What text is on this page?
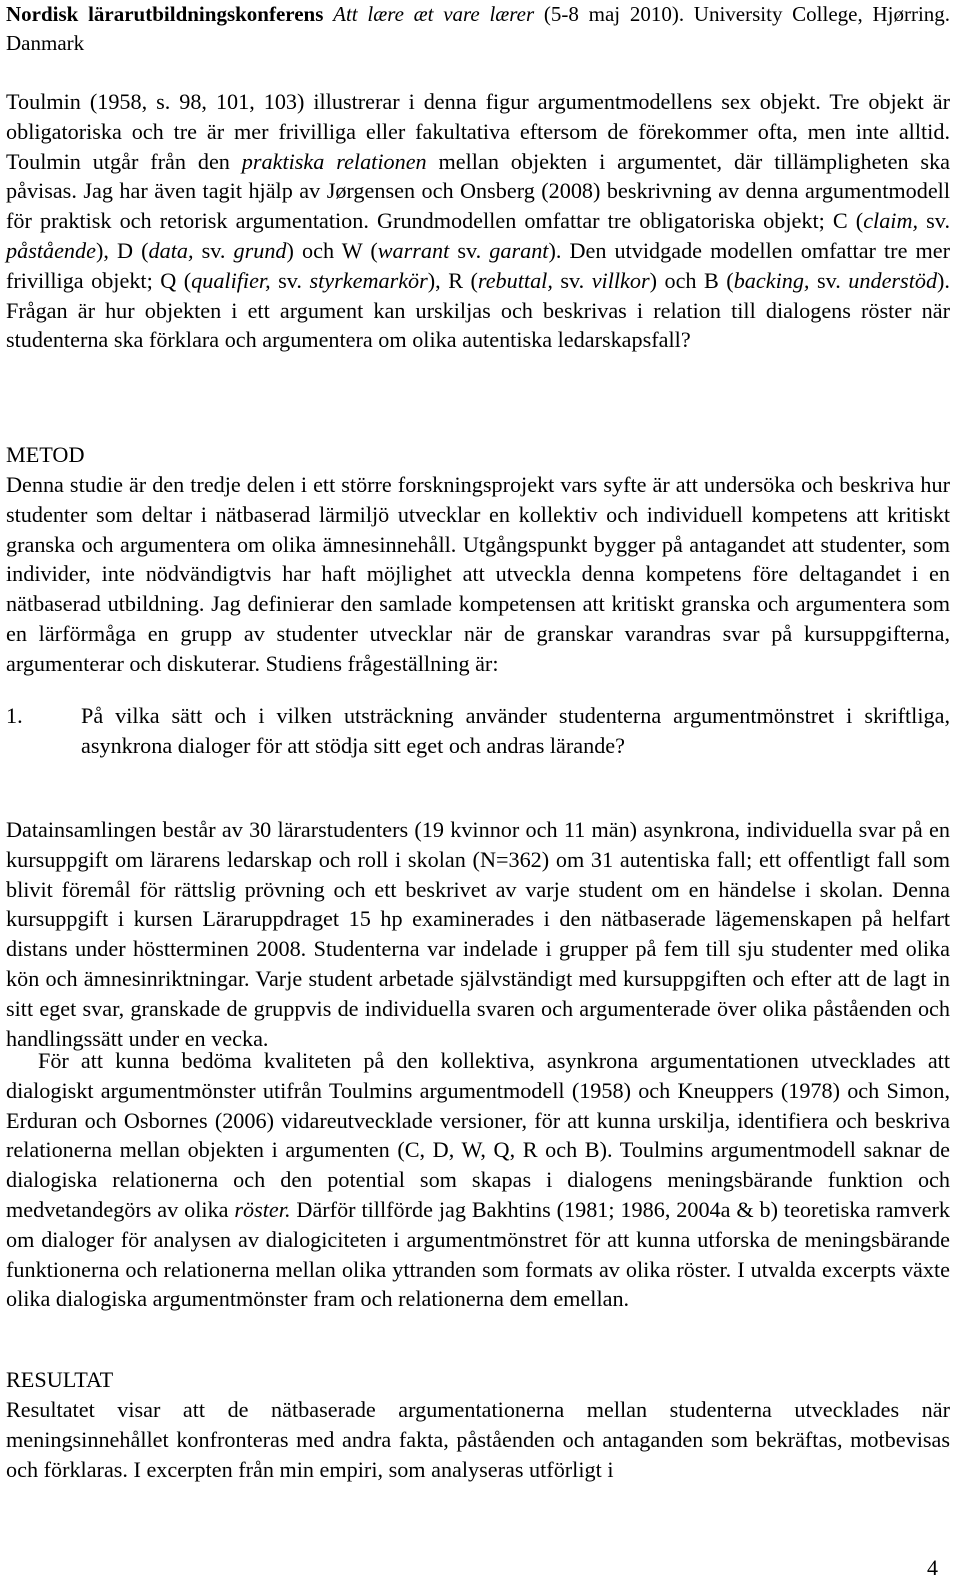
Nordisk lärarutbildningskonferens Att lære æt vare lærer (5-8 maj 2010). University College, Hjørring. Danmark
Toulmin (1958, s. 98, 101, 103) illustrerar i denna figur argumentmodellens sex objekt. Tre objekt är obligatoriska och tre är mer frivilliga eller fakultativa eftersom de förekommer ofta, men inte alltid. Toulmin utgår från den praktiska relationen mellan objekten i argumentet, där tillämpligheten ska påvisas. Jag har även tagit hjälp av Jørgensen och Onsberg (2008) beskrivning av denna argumentmodell för praktisk och retorisk argumentation. Grundmodellen omfattar tre obligatoriska objekt; C (claim, sv. påstående), D (data, sv. grund) och W (warrant sv. garant). Den utvidgade modellen omfattar tre mer frivilliga objekt; Q (qualifier, sv. styrkemarkör), R (rebuttal, sv. villkor) och B (backing, sv. understöd). Frågan är hur objekten i ett argument kan urskiljas och beskrivas i relation till dialogens röster när studenterna ska förklara och argumentera om olika autentiska ledarskapsfall?
METOD
Denna studie är den tredje delen i ett större forskningsprojekt vars syfte är att undersöka och beskriva hur studenter som deltar i nätbaserad lärmiljö utvecklar en kollektiv och individuell kompetens att kritiskt granska och argumentera om olika ämnesinnehåll. Utgångspunkt bygger på antagandet att studenter, som individer, inte nödvändigtvis har haft möjlighet att utveckla denna kompetens före deltagandet i en nätbaserad utbildning. Jag definierar den samlade kompetensen att kritiskt granska och argumentera som en lärförmåga en grupp av studenter utvecklar när de granskar varandras svar på kursuppgifterna, argumenterar och diskuterar. Studiens frågeställning är:
1.	På vilka sätt och i vilken utsträckning använder studenterna argumentmönstret i skriftliga, asynkrona dialoger för att stödja sitt eget och andras lärande?
Datainsamlingen består av 30 lärarstudenters (19 kvinnor och 11 män) asynkrona, individuella svar på en kursuppgift om lärarens ledarskap och roll i skolan (N=362) om 31 autentiska fall; ett offentligt fall som blivit föremål för rättslig prövning och ett beskrivet av varje student om en händelse i skolan. Denna kursuppgift i kursen Läraruppdraget 15 hp examinerades i den nätbaserade lägemenskapen på helfart distans under höstterminen 2008. Studenterna var indelade i grupper på fem till sju studenter med olika kön och ämnesinriktningar. Varje student arbetade självständigt med kursuppgiften och efter att de lagt in sitt eget svar, granskade de gruppvis de individuella svaren och argumenterade över olika påståenden och handlingssätt under en vecka.
För att kunna bedöma kvaliteten på den kollektiva, asynkrona argumentationen utvecklades att dialogiskt argumentmönster utifrån Toulmins argumentmodell (1958) och Kneuppers (1978) och Simon, Erduran och Osbornes (2006) vidareutvecklade versioner, för att kunna urskilja, identifiera och beskriva relationerna mellan objekten i argumenten (C, D, W, Q, R och B). Toulmins argumentmodell saknar de dialogiska relationerna och den potential som skapas i dialogens meningsbärande funktion och medvetandegörs av olika röster. Därför tillförde jag Bakhtins (1981; 1986, 2004a & b) teoretiska ramverk om dialoger för analysen av dialogiciteten i argumentmönstret för att kunna utforska de meningsbärande funktionerna och relationerna mellan olika yttranden som formats av olika röster. I utvalda excerpts växte olika dialogiska argumentmönster fram och relationerna dem emellan.
RESULTAT
Resultatet visar att de nätbaserade argumentationerna mellan studenterna utvecklades när meningsinnehållet konfronteras med andra fakta, påståenden och antaganden som bekräftas, motbevisas och förklaras. I excerpten från min empiri, som analyseras utförligt i
4
